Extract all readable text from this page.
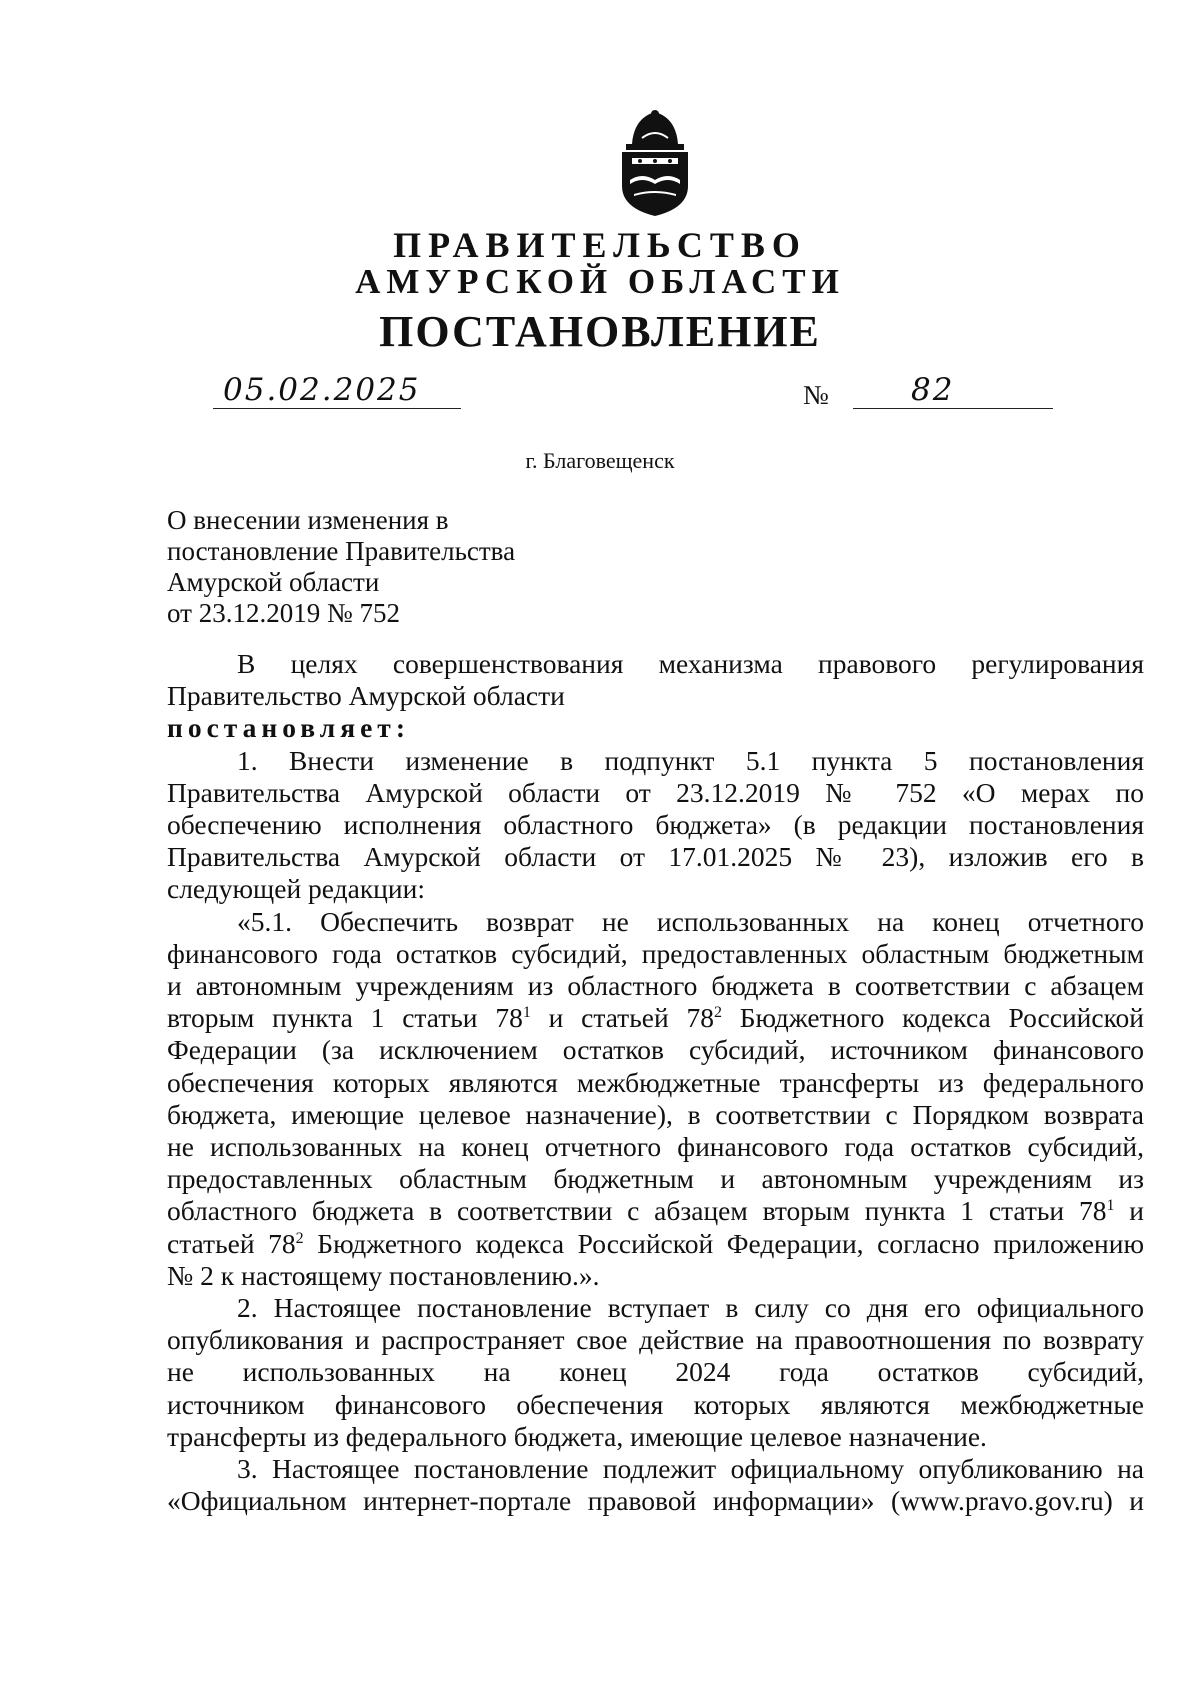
ПРАВИТЕЛЬСТВО
АМУРСКОЙ ОБЛАСТИ
ПОСТАНОВЛЕНИЕ
05.02.2025	№	82
г. Благовещенск
О внесении изменения в
постановление Правительства
Амурской области
от 23.12.2019 № 752
В целях совершенствования механизма правового регулирования
Правительство Амурской области
постановляет:
1. Внести изменение в подпункт 5.1 пункта 5 постановления
Правительства Амурской области от 23.12.2019 № 752 «О мерах по
обеспечению исполнения областного бюджета» (в редакции постановления
Правительства Амурской области от 17.01.2025 № 23), изложив его в
следующей редакции:
«5.1. Обеспечить возврат не использованных на конец отчетного
финансового года остатков субсидий, предоставленных областным бюджетным
и автономным учреждениям из областного бюджета в соответствии с абзацем
вторым пункта 1 статьи $78^1$ и статьей $78^2$ Бюджетного кодекса Российской
Федерации (за исключением остатков субсидий, источником финансового
обеспечения которых являются межбюджетные трансферты из федерального
бюджета, имеющие целевое назначение), в соответствии с Порядком возврата
не использованных на конец отчетного финансового года остатков субсидий,
предоставленных областным бюджетным и автономным учреждениям из
областного бюджета в соответствии с абзацем вторым пункта 1 статьи $78^1$ и
статьей $78^2$ Бюджетного кодекса Российской Федерации, согласно приложению
№ 2 к настоящему постановлению.».
2. Настоящее постановление вступает в силу со дня его официального
опубликования и распространяет свое действие на правоотношения по возврату
не использованных на конец 2024 года остатков субсидий,
источником финансового обеспечения которых являются межбюджетные
трансферты из федерального бюджета, имеющие целевое назначение.
3. Настоящее постановление подлежит официальному опубликованию на
«Официальном интернет-портале правовой информации» (www.pravo.gov.ru) и
